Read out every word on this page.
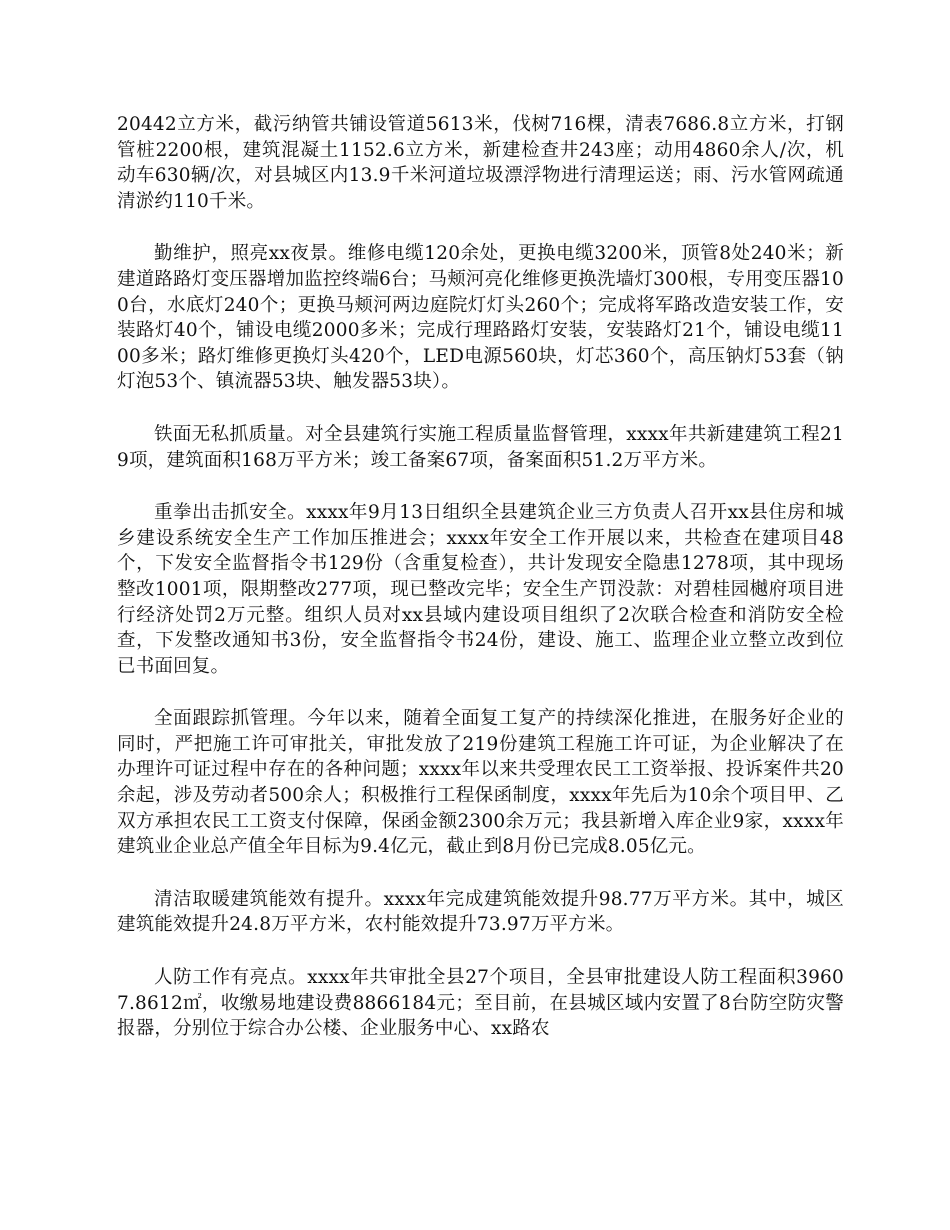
20442立方米，截污纳管共铺设管道5613米，伐树716棵，清表7686.8立方米，打钢管桩2200根，建筑混凝土1152.6立方米，新建检查井243座；动用4860余人/次，机动车630辆/次，对县城区内13.9千米河道垃圾漂浮物进行清理运送；雨、污水管网疏通清淤约110千米。

勤维护，照亮xx夜景。维修电缆120余处，更换电缆3200米，顶管8处240米；新建道路路灯变压器增加监控终端6台；马颊河亮化维修更换洗墙灯300根，专用变压器100台，水底灯240个；更换马颊河两边庭院灯灯头260个；完成将军路改造安装工作，安装路灯40个，铺设电缆2000多米；完成行理路路灯安装，安装路灯21个，铺设电缆1100多米；路灯维修更换灯头420个，LED电源560块，灯芯360个，高压钠灯53套（钠灯泡53个、镇流器53块、触发器53块）。

铁面无私抓质量。对全县建筑行实施工程质量监督管理，xxxx年共新建建筑工程219项，建筑面积168万平方米；竣工备案67项，备案面积51.2万平方米。

重拳出击抓安全。xxxx年9月13日组织全县建筑企业三方负责人召开xx县住房和城乡建设系统安全生产工作加压推进会；xxxx年安全工作开展以来，共检查在建项目48个，下发安全监督指令书129份（含重复检查），共计发现安全隐患1278项，其中现场整改1001项，限期整改277项，现已整改完毕；安全生产罚没款：对碧桂园樾府项目进行经济处罚2万元整。组织人员对xx县域内建设项目组织了2次联合检查和消防安全检查，下发整改通知书3份，安全监督指令书24份，建设、施工、监理企业立整立改到位已书面回复。

全面跟踪抓管理。今年以来，随着全面复工复产的持续深化推进，在服务好企业的同时，严把施工许可审批关，审批发放了219份建筑工程施工许可证，为企业解决了在办理许可证过程中存在的各种问题；xxxx年以来共受理农民工工资举报、投诉案件共20余起，涉及劳动者500余人；积极推行工程保函制度，xxxx年先后为10余个项目甲、乙双方承担农民工工资支付保障，保函金额2300余万元；我县新增入库企业9家，xxxx年建筑业企业总产值全年目标为9.4亿元，截止到8月份已完成8.05亿元。

清洁取暖建筑能效有提升。xxxx年完成建筑能效提升98.77万平方米。其中，城区建筑能效提升24.8万平方米，农村能效提升73.97万平方米。

人防工作有亮点。xxxx年共审批全县27个项目，全县审批建设人防工程面积39607.8612㎡，收缴易地建设费8866184元；至目前，在县城区域内安置了8台防空防灾警报器，分别位于综合办公楼、企业服务中心、xx路农
